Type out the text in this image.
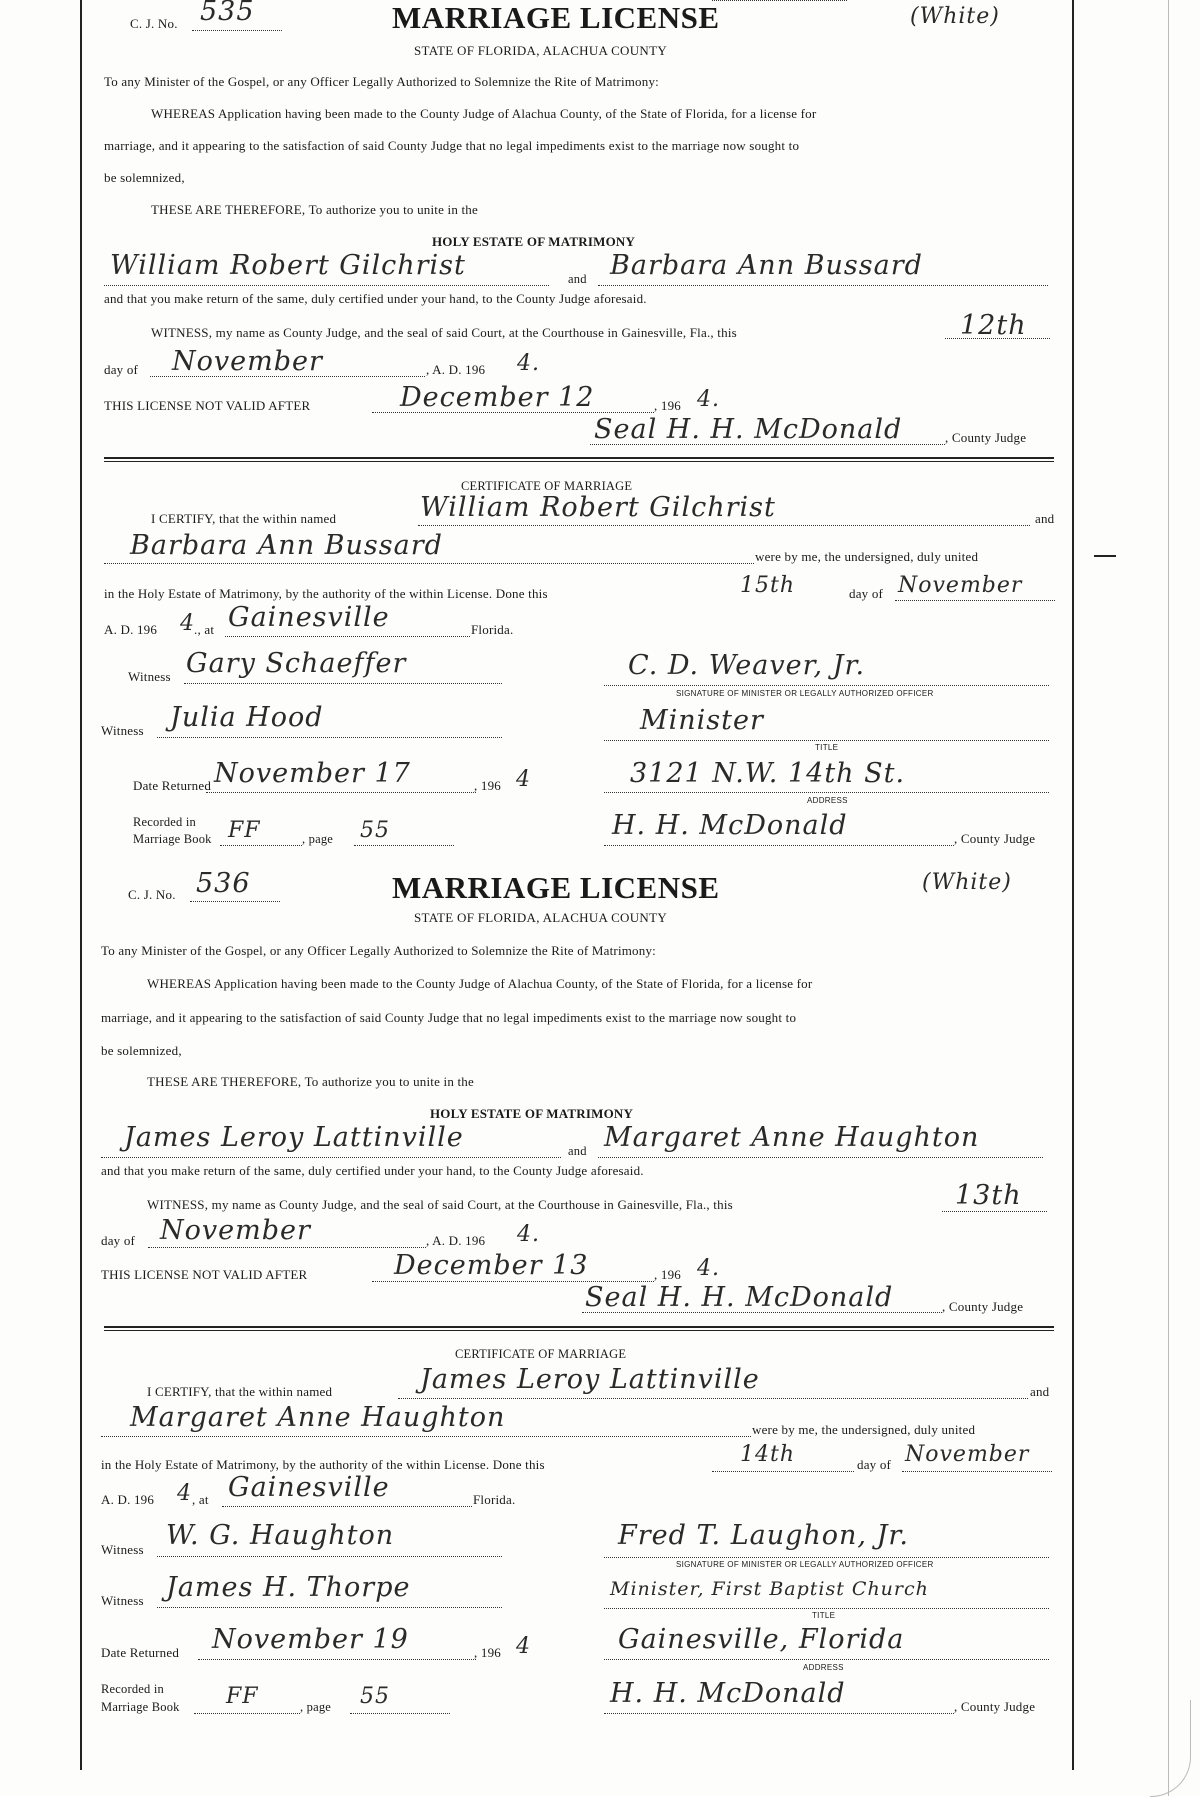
C. J. No. 535	MARRIAGE LICENSE	(White)
STATE OF FLORIDA, ALACHUA COUNTY
To any Minister of the Gospel, or any Officer Legally Authorized to Solemnize the Rite of Matrimony:
WHEREAS Application having been made to the County Judge of Alachua County, of the State of Florida, for a license for
marriage, and it appearing to the satisfaction of said County Judge that no legal impediments exist to the marriage now sought to
be solemnized,
THESE ARE THEREFORE, To authorize you to unite in the
HOLY ESTATE OF MATRIMONY
William Robert Gilchrist	and Barbara Ann Bussard
and that you make return of the same, duly certified under your hand, to the County Judge aforesaid.
WITNESS, my name as County Judge, and the seal of said Court, at the Courthouse in Gainesville, Fla., this	12th
day of November	, A. D. 196 4.
THIS LICENSE NOT VALID AFTER	December 12	, 196 4.
Seal H. H. McDonald	, County Judge
CERTIFICATE OF MARRIAGE
I CERTIFY, that the within named	William Robert Gilchrist	and
Barbara Ann Bussard	were by me, the undersigned, duly united
in the Holy Estate of Matrimony, by the authority of the within License. Done this	15th	day of November
A. D. 196 4 ., at Gainesville	Florida.
Witness Gary Schaeffer	C. D. Weaver, Jr.
SIGNATURE OF MINISTER OR LEGALLY AUTHORIZED OFFICER
Witness Julia Hood	Minister
TITLE
Date Returned November 17	, 196 4	3121 N.W. 14th St.
ADDRESS
Recorded in
Marriage Book FF	, page 55	H. H. McDonald	, County Judge
C. J. No. 536	MARRIAGE LICENSE	(White)
STATE OF FLORIDA, ALACHUA COUNTY
To any Minister of the Gospel, or any Officer Legally Authorized to Solemnize the Rite of Matrimony:
WHEREAS Application having been made to the County Judge of Alachua County, of the State of Florida, for a license for
marriage, and it appearing to the satisfaction of said County Judge that no legal impediments exist to the marriage now sought to
be solemnized,
THESE ARE THEREFORE, To authorize you to unite in the
HOLY ESTATE OF MATRIMONY
James Leroy Lattinville	and Margaret Anne Haughton
and that you make return of the same, duly certified under your hand, to the County Judge aforesaid.
WITNESS, my name as County Judge, and the seal of said Court, at the Courthouse in Gainesville, Fla., this	13th
day of November	, A. D. 196 4.
THIS LICENSE NOT VALID AFTER	December 13	, 196 4.
Seal H. H. McDonald	, County Judge
CERTIFICATE OF MARRIAGE
I CERTIFY, that the within named	James Leroy Lattinville	and
Margaret Anne Haughton	were by me, the undersigned, duly united
in the Holy Estate of Matrimony, by the authority of the within License. Done this	14th	day of November
A. D. 196 4 , at Gainesville	Florida.
Witness W. G. Haughton	Fred T. Laughon, Jr.
SIGNATURE OF MINISTER OR LEGALLY AUTHORIZED OFFICER
Witness James H. Thorpe	Minister, First Baptist Church
TITLE
Date Returned November 19	, 196 4	Gainesville, Florida
ADDRESS
Recorded in
Marriage Book FF	, page 55	H. H. McDonald	, County Judge
